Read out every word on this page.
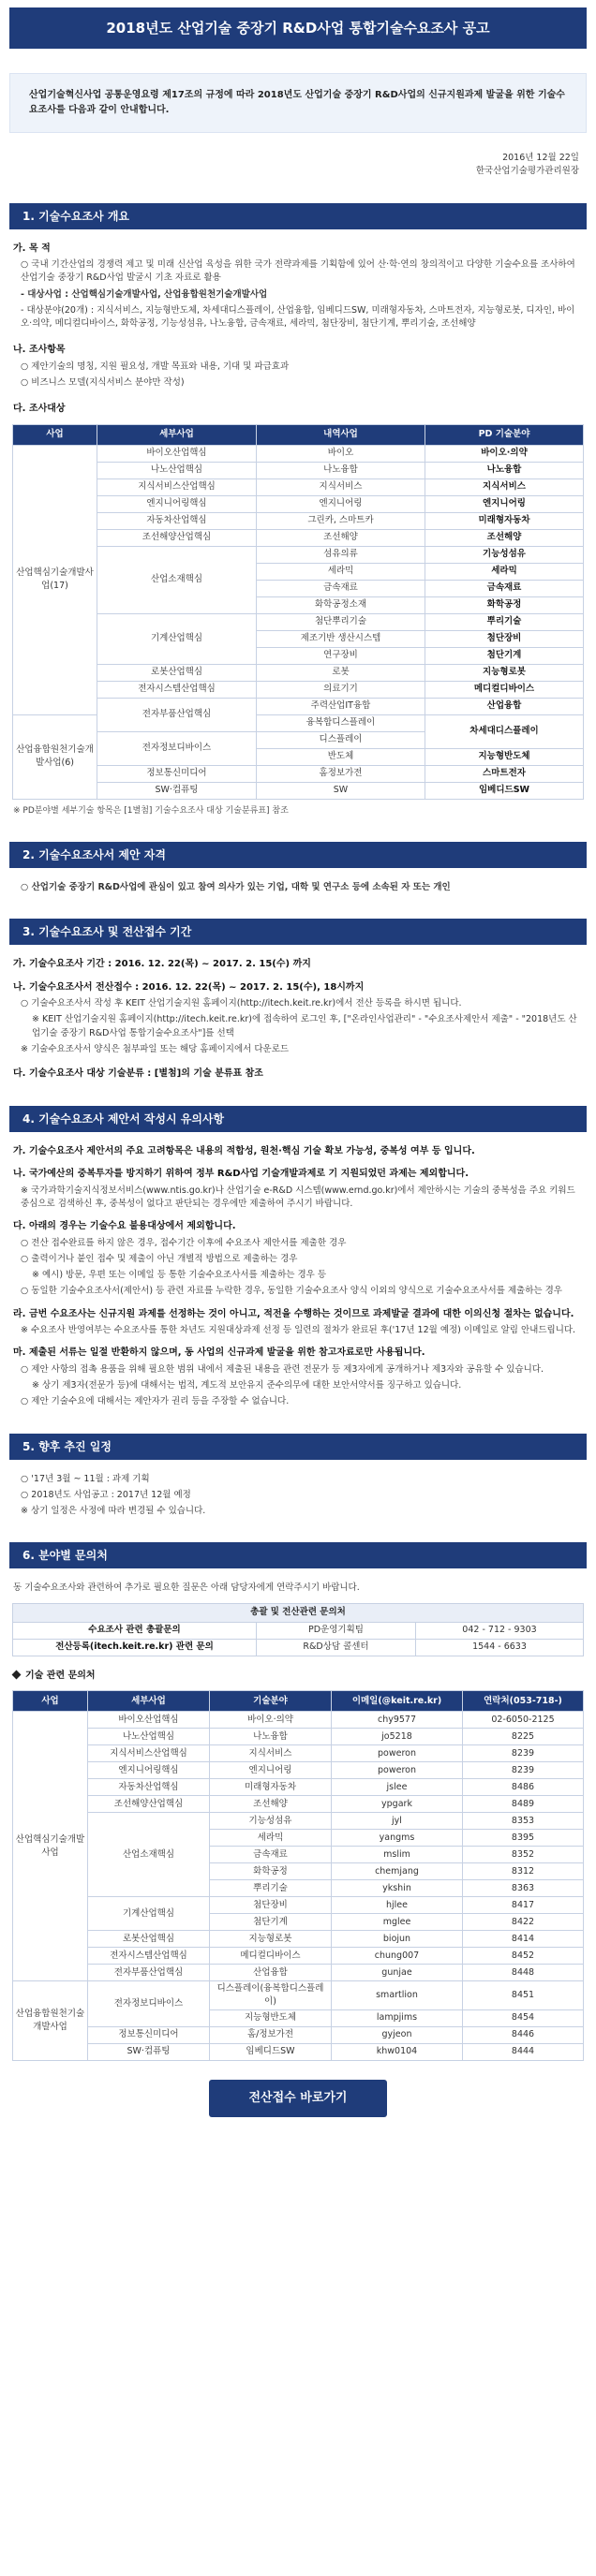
2018년도 산업기술 중장기 R&D사업 통합기술수요조사 공고
산업기술혁신사업 공통운영요령 제17조의 규정에 따라 2018년도 산업기술 중장기 R&D사업의 신규지원과제 발굴을 위한 기술수요조사를 다음과 같이 안내합니다.
2016년 12월 22일
한국산업기술평가관리원장
1. 기술수요조사 개요
가. 목 적
○ 국내 기간산업의 경쟁력 제고 및 미래 신산업 육성을 위한 국가 전략과제를 기획함에 있어 산·학·연의 창의적이고 다양한 기술수요를 조사하여 산업기술 중장기 R&D사업 발굴시 기초 자료로 활용
- 대상사업 : 산업핵심기술개발사업, 산업융합원천기술개발사업
- 대상분야(20개) : 지식서비스, 지능형반도체, 차세대디스플레이, 산업융합, 임베디드SW, 미래형자동차, 스마트전자, 지능형로봇, 디자인, 바이오·의약, 메디컬디바이스, 화학공정, 기능성섬유, 나노융합, 금속재료, 세라믹, 첨단장비, 첨단기계, 뿌리기술, 조선해양
나. 조사항목
○ 제안기술의 명칭, 지원 필요성, 개발 목표와 내용, 기대 및 파급효과
○ 비즈니스 모델(지식서비스 분야만 작성)
다. 조사대상
사업	세부사업	내역사업	PD 기술분야
산업핵심기술개발사업(17)	바이오산업핵심	바이오	바이오·의약
	나노산업핵심	나노융합	나노융합
	지식서비스산업핵심	지식서비스	지식서비스
	엔지니어링핵심	엔지니어링	엔지니어링
	자동차산업핵심	그린카, 스마트카	미래형자동차
	조선해양산업핵심	조선해양	조선해양
	산업소재핵심	섬유의류	기능성섬유
		세라믹	세라믹
		금속재료	금속재료
		화학공정소재	화학공정
	기계산업핵심	첨단뿌리기술	뿌리기술
		제조기반 생산시스템	첨단장비
		연구장비	첨단기계
	로봇산업핵심	로봇	지능형로봇
	전자시스템산업핵심	의료기기	메디컬디바이스
	전자부품산업핵심	주력산업IT융합	산업융합
산업융합원천기술개발사업(6)		융복합디스플레이	차세대디스플레이
	전자정보디바이스	디스플레이	
		반도체	지능형반도체
	정보통신미디어	홈정보가전	스마트전자
	SW·컴퓨팅	SW	임베디드SW
※ PD분야별 세부기술 항목은 [1별첨] 기술수요조사 대상 기술분류표] 참조
2. 기술수요조사서 제안 자격
○ 산업기술 중장기 R&D사업에 관심이 있고 참여 의사가 있는 기업, 대학 및 연구소 등에 소속된 자 또는 개인
3. 기술수요조사 및 전산접수 기간
가. 기술수요조사 기간 : 2016. 12. 22(목) ~ 2017. 2. 15(수) 까지
나. 기술수요조사서 전산접수 : 2016. 12. 22(목) ~ 2017. 2. 15(수), 18시까지
○ 기술수요조사서 작성 후 KEIT 산업기술지원 홈페이지(http://itech.keit.re.kr)에서 전산 등록을 하시면 됩니다.
※ KEIT 산업기술지원 홈페이지(http://itech.keit.re.kr)에 접속하여 로그인 후, ["온라인사업관리" - "수요조사제안서 제출" - "2018년도 산업기술 중장기 R&D사업 통합기술수요조사"]를 선택
※ 기술수요조사서 양식은 첨부파일 또는 해당 홈페이지에서 다운로드
다. 기술수요조사 대상 기술분류 : [별첨]의 기술 분류표 참조
4. 기술수요조사 제안서 작성시 유의사항
가. 기술수요조사 제안서의 주요 고려항목은 내용의 적합성, 원천·핵심 기술 확보 가능성, 중복성 여부 등 입니다.
나. 국가예산의 중복투자를 방지하기 위하여 정부 R&D사업 기술개발과제로 기 지원되었던 과제는 제외합니다.
※ 국가과학기술지식정보서비스(www.ntis.go.kr)나 산업기술 e-R&D 시스템(www.ernd.go.kr)에서 제안하시는 기술의 중복성을 주요 키워드 중심으로 검색하신 후, 중복성이 없다고 판단되는 경우에만 제출하여 주시기 바랍니다.
다. 아래의 경우는 기술수요 불용대상에서 제외합니다.
○ 전산 접수완료를 하지 않은 경우, 접수기간 이후에 수요조사 제안서를 제출한 경우
○ 출력이거나 붙인 접수 및 제출이 아닌 개별적 방법으로 제출하는 경우
※ 예시) 방문, 우편 또는 이메일 등 통한 기술수요조사서를 제출하는 경우 등
○ 동일한 기술수요조사서(제안서) 등 관련 자료를 누락한 경우, 동일한 기술수요조사 양식 이외의 양식으로 기술수요조사서를 제출하는 경우
라. 금번 수요조사는 신규지원 과제를 선정하는 것이 아니고, 적전을 수행하는 것이므로 과제발굴 결과에 대한 이의신청 절차는 없습니다.
※ 수요조사 반영여부는 수요조사를 통한 차년도 지원대상과제 선정 등 일련의 절차가 완료된 후('17년 12월 예정) 이메일로 알림 안내드립니다.
마. 제출된 서류는 일절 반환하지 않으며, 동 사업의 신규과제 발굴을 위한 참고자료로만 사용됩니다.
○ 제안 사항의 접촉 용품을 위해 필요한 범위 내에서 제출된 내용을 관련 전문가 등 제3자에게 공개하거나 제3자와 공유할 수 있습니다.
※ 상기 제3자(전문가 등)에 대해서는 법적, 계도적 보안유지 준수의무에 대한 보안서약서를 징구하고 있습니다.
○ 제안 기술수요에 대해서는 제안자가 권리 등을 주장할 수 없습니다.
5. 향후 추진 일정
○ '17년 3월 ~ 11월 : 과제 기획
○ 2018년도 사업공고 : 2017년 12월 예정
※ 상기 일정은 사정에 따라 변경될 수 있습니다.
6. 분야별 문의처
동 기술수요조사와 관련하여 추가로 필요한 질문은 아래 담당자에게 연락주시기 바랍니다.
총괄 및 전산관련 문의처		
수요조사 관련 총괄문의	PD운영기획팀	042 - 712 - 9303
전산등록(itech.keit.re.kr) 관련 문의	R&D상담 콜센터	1544 - 6633
기술 관련 문의처
사업	세부사업	기술분야	이메일(@keit.re.kr)	연락처(053-718-)
산업핵심기술개발사업	바이오산업핵심	바이오·의약	chy9577	02-6050-2125
	나노산업핵심	나노융합	jo5218	8225
	지식서비스산업핵심	지식서비스	poweron	8239
	엔지니어링핵심	엔지니어링	poweron	8239
	자동차산업핵심	미래형자동차	jslee	8486
	조선해양산업핵심	조선해양	ypgark	8489
	산업소재핵심	기능성섬유	jyl	8353
		세라믹	yangms	8395
		금속재료	mslim	8352
		화학공정	chemjang	8312
		뿌리기술	ykshin	8363
	기계산업핵심	첨단장비	hjlee	8417
		첨단기계	mglee	8422
	로봇산업핵심	지능형로봇	biojun	8414
	전자시스템산업핵심	메디컬디바이스	chung007	8452
	전자부품산업핵심	산업융합	gunjae	8448
산업융합원천기술개발사업	전자정보디바이스	디스플레이(융복합디스플레이)	smartlion	8451
		지능형반도체	lampjims	8454
	정보통신미디어	홈/정보가전	gyjeon	8446
	SW·컴퓨팅	임베디드SW	khw0104	8444
전산접수 바로가기
